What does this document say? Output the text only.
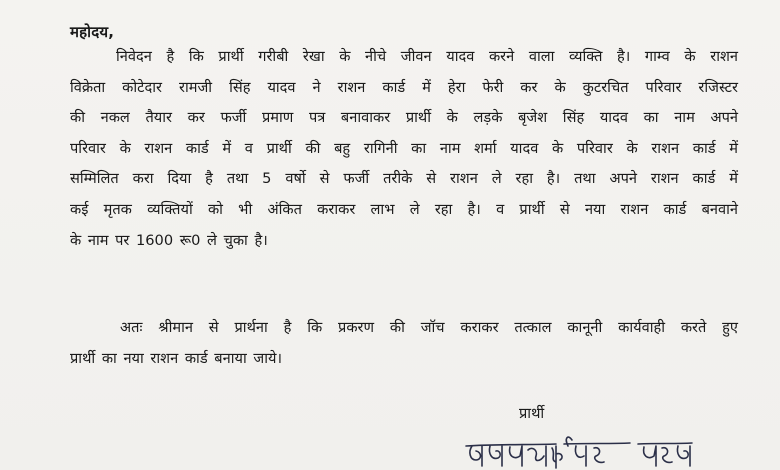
महोदय,
निवेदन है कि प्रार्थी गरीबी रेखा के नीचे जीवन यादव करने वाला व्यक्ति है। गाम्व के राशन
विक्रेता कोटेदार रामजी सिंह यादव ने राशन कार्ड में हेरा फेरी कर के कुटरचित परिवार रजिस्टर
की नकल तैयार कर फर्जी प्रमाण पत्र बनावाकर प्रार्थी के लड़के बृजेश सिंह यादव का नाम अपने
परिवार के राशन कार्ड में व प्रार्थी की बहु रागिनी का नाम शर्मा यादव के परिवार के राशन कार्ड में
सम्मिलित करा दिया है तथा 5 वर्षो से फर्जी तरीके से राशन ले रहा है। तथा अपने राशन कार्ड में
कई मृतक व्यक्तियों को भी अंकित कराकर लाभ ले रहा है। व प्रार्थी से नया राशन कार्ड बनवाने
के नाम पर 1600 रू0 ले चुका है।
अतः श्रीमान से प्रार्थना है कि प्रकरण की जॉच कराकर तत्काल कानूनी कार्यवाही करते हुए
प्रार्थी का नया राशन कार्ड बनाया जाये।
प्रार्थी
